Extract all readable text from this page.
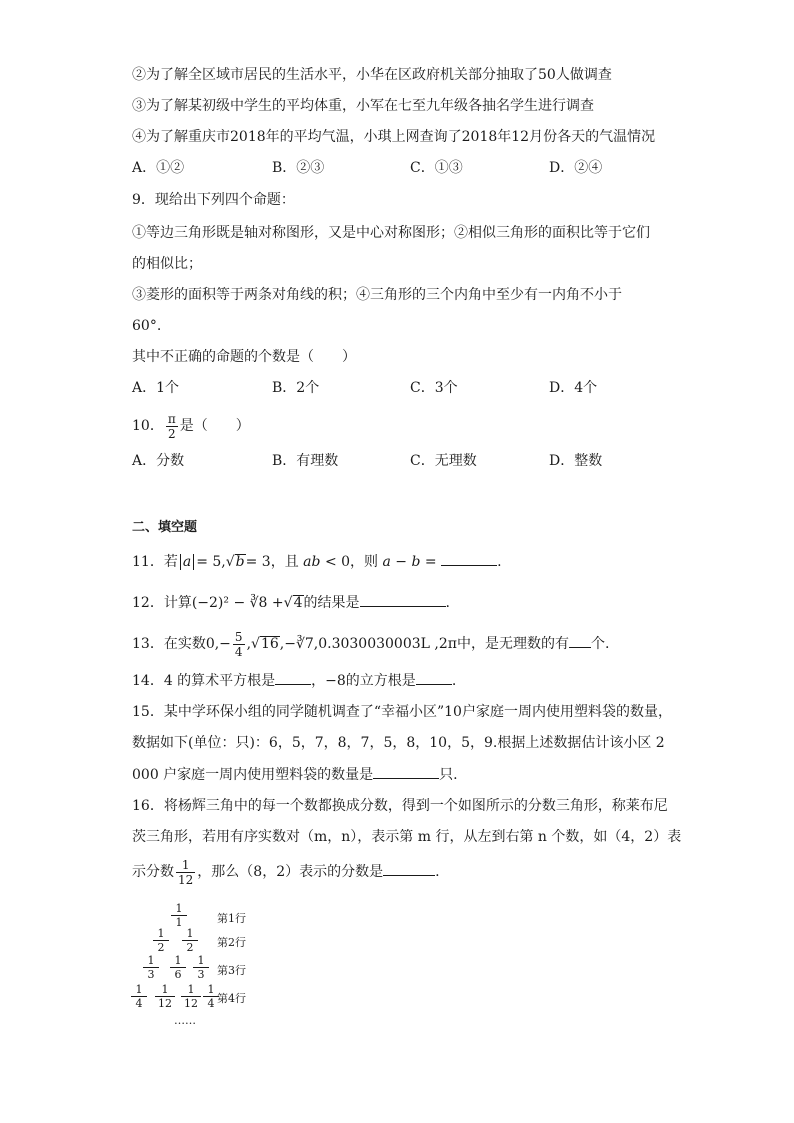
②为了解全区域市居民的生活水平，小华在区政府机关部分抽取了50人做调查
③为了解某初级中学生的平均体重，小军在七至九年级各抽名学生进行调查
④为了解重庆市2018年的平均气温，小琪上网查询了2018年12月份各天的气温情况
A．①②	B．②③	C．①③	D．②④
9．现给出下列四个命题：
①等边三角形既是轴对称图形，又是中心对称图形；②相似三角形的面积比等于它们
的相似比；
③菱形的面积等于两条对角线的积；④三角形的三个内角中至少有一内角不小于
60°.
其中不正确的命题的个数是（　　）
A．1个	B．2个	C．3个	D．4个
10． $\frac{\pi}{2}$ 是（　　）
A．分数	B．有理数	C．无理数	D．整数
二、填空题
11．若 a = 5,√b= 3，且 ab < 0，则 a − b =	.
12．计算(−2)² − ∛8 +√4的结果是	.
13．在实数$0,- \frac{5}{4}$ ,√16,−∛7,0.3030030003L ,2π中，是无理数的有 个.
14．4 的算术平方根是	，−8的立方根是	.
15．某中学环保小组的同学随机调查了“幸福小区”10户家庭一周内使用塑料袋的数量，
数据如下(单位：只)：6，5，7，8，7，5，8，10，5，9.根据上述数据估计该小区 2
000 户家庭一周内使用塑料袋的数量是	只.
16．将杨辉三角中的每一个数都换成分数，得到一个如图所示的分数三角形，称莱布尼
茨三角形，若用有序实数对（m，n），表示第 m 行，从左到右第 n 个数，如（4，2）表
示分数 $\frac{1}{12}$ ，那么（8，2）表示的分数是	.
$\frac{1}{1}$	第1行
$\frac{1}{2} \frac{1}{2}$ 第2行
$\frac{1}{3} \frac{1}{6} \frac{1}{3}$ 第3行
$\frac{1}{4} \frac{1}{12} \frac{1}{12} \frac{1}{4}$
第4行
……
